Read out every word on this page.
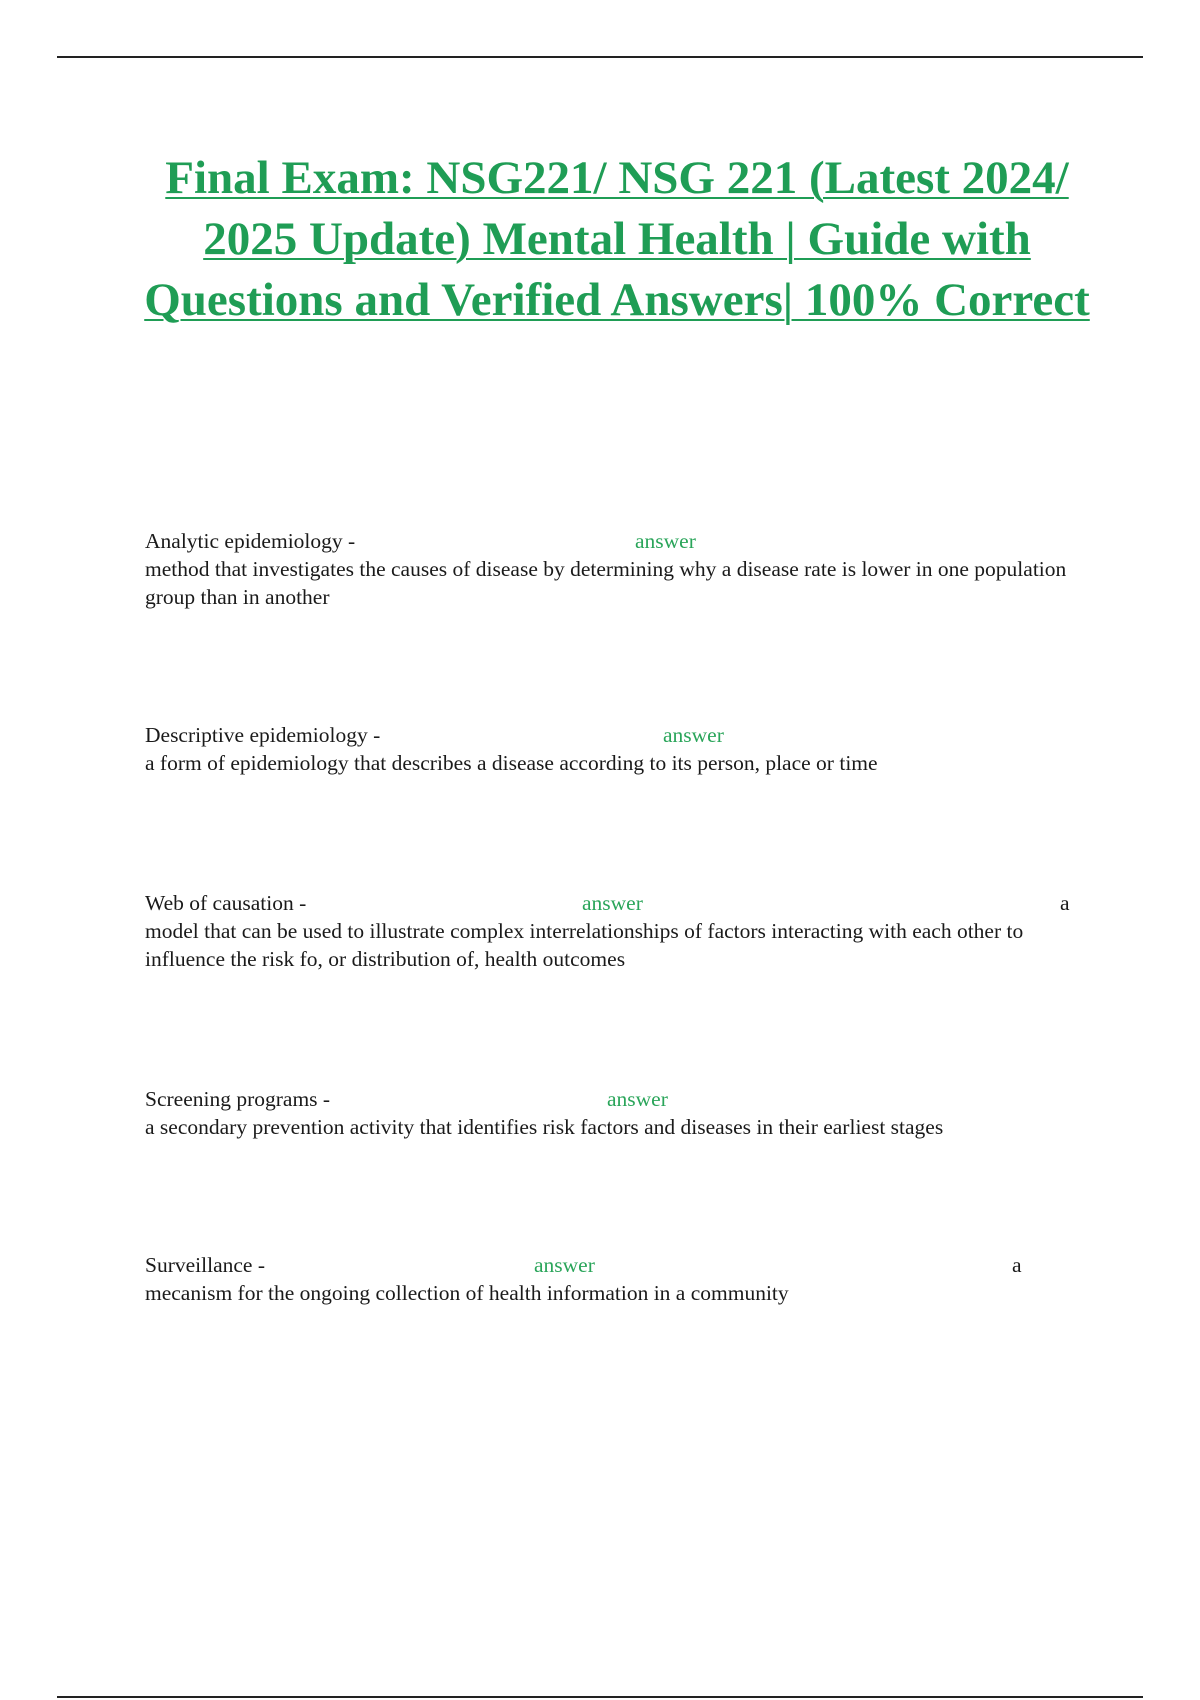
Final Exam: NSG221/ NSG 221 (Latest 2024/ 2025 Update) Mental Health | Guide with Questions and Verified Answers| 100% Correct
Analytic epidemiology -	answer

method that investigates the causes of disease by determining why a disease rate is lower in one population group than in another

Descriptive epidemiology -	answer

a form of epidemiology that describes a disease according to its person, place or time

Web of causation -	answer	a

model that can be used to illustrate complex interrelationships of factors interacting with each other to influence the risk fo, or distribution of, health outcomes

Screening programs -	answer

a secondary prevention activity that identifies risk factors and diseases in their earliest stages

Surveillance -	answer	a

mecanism for the ongoing collection of health information in a community
